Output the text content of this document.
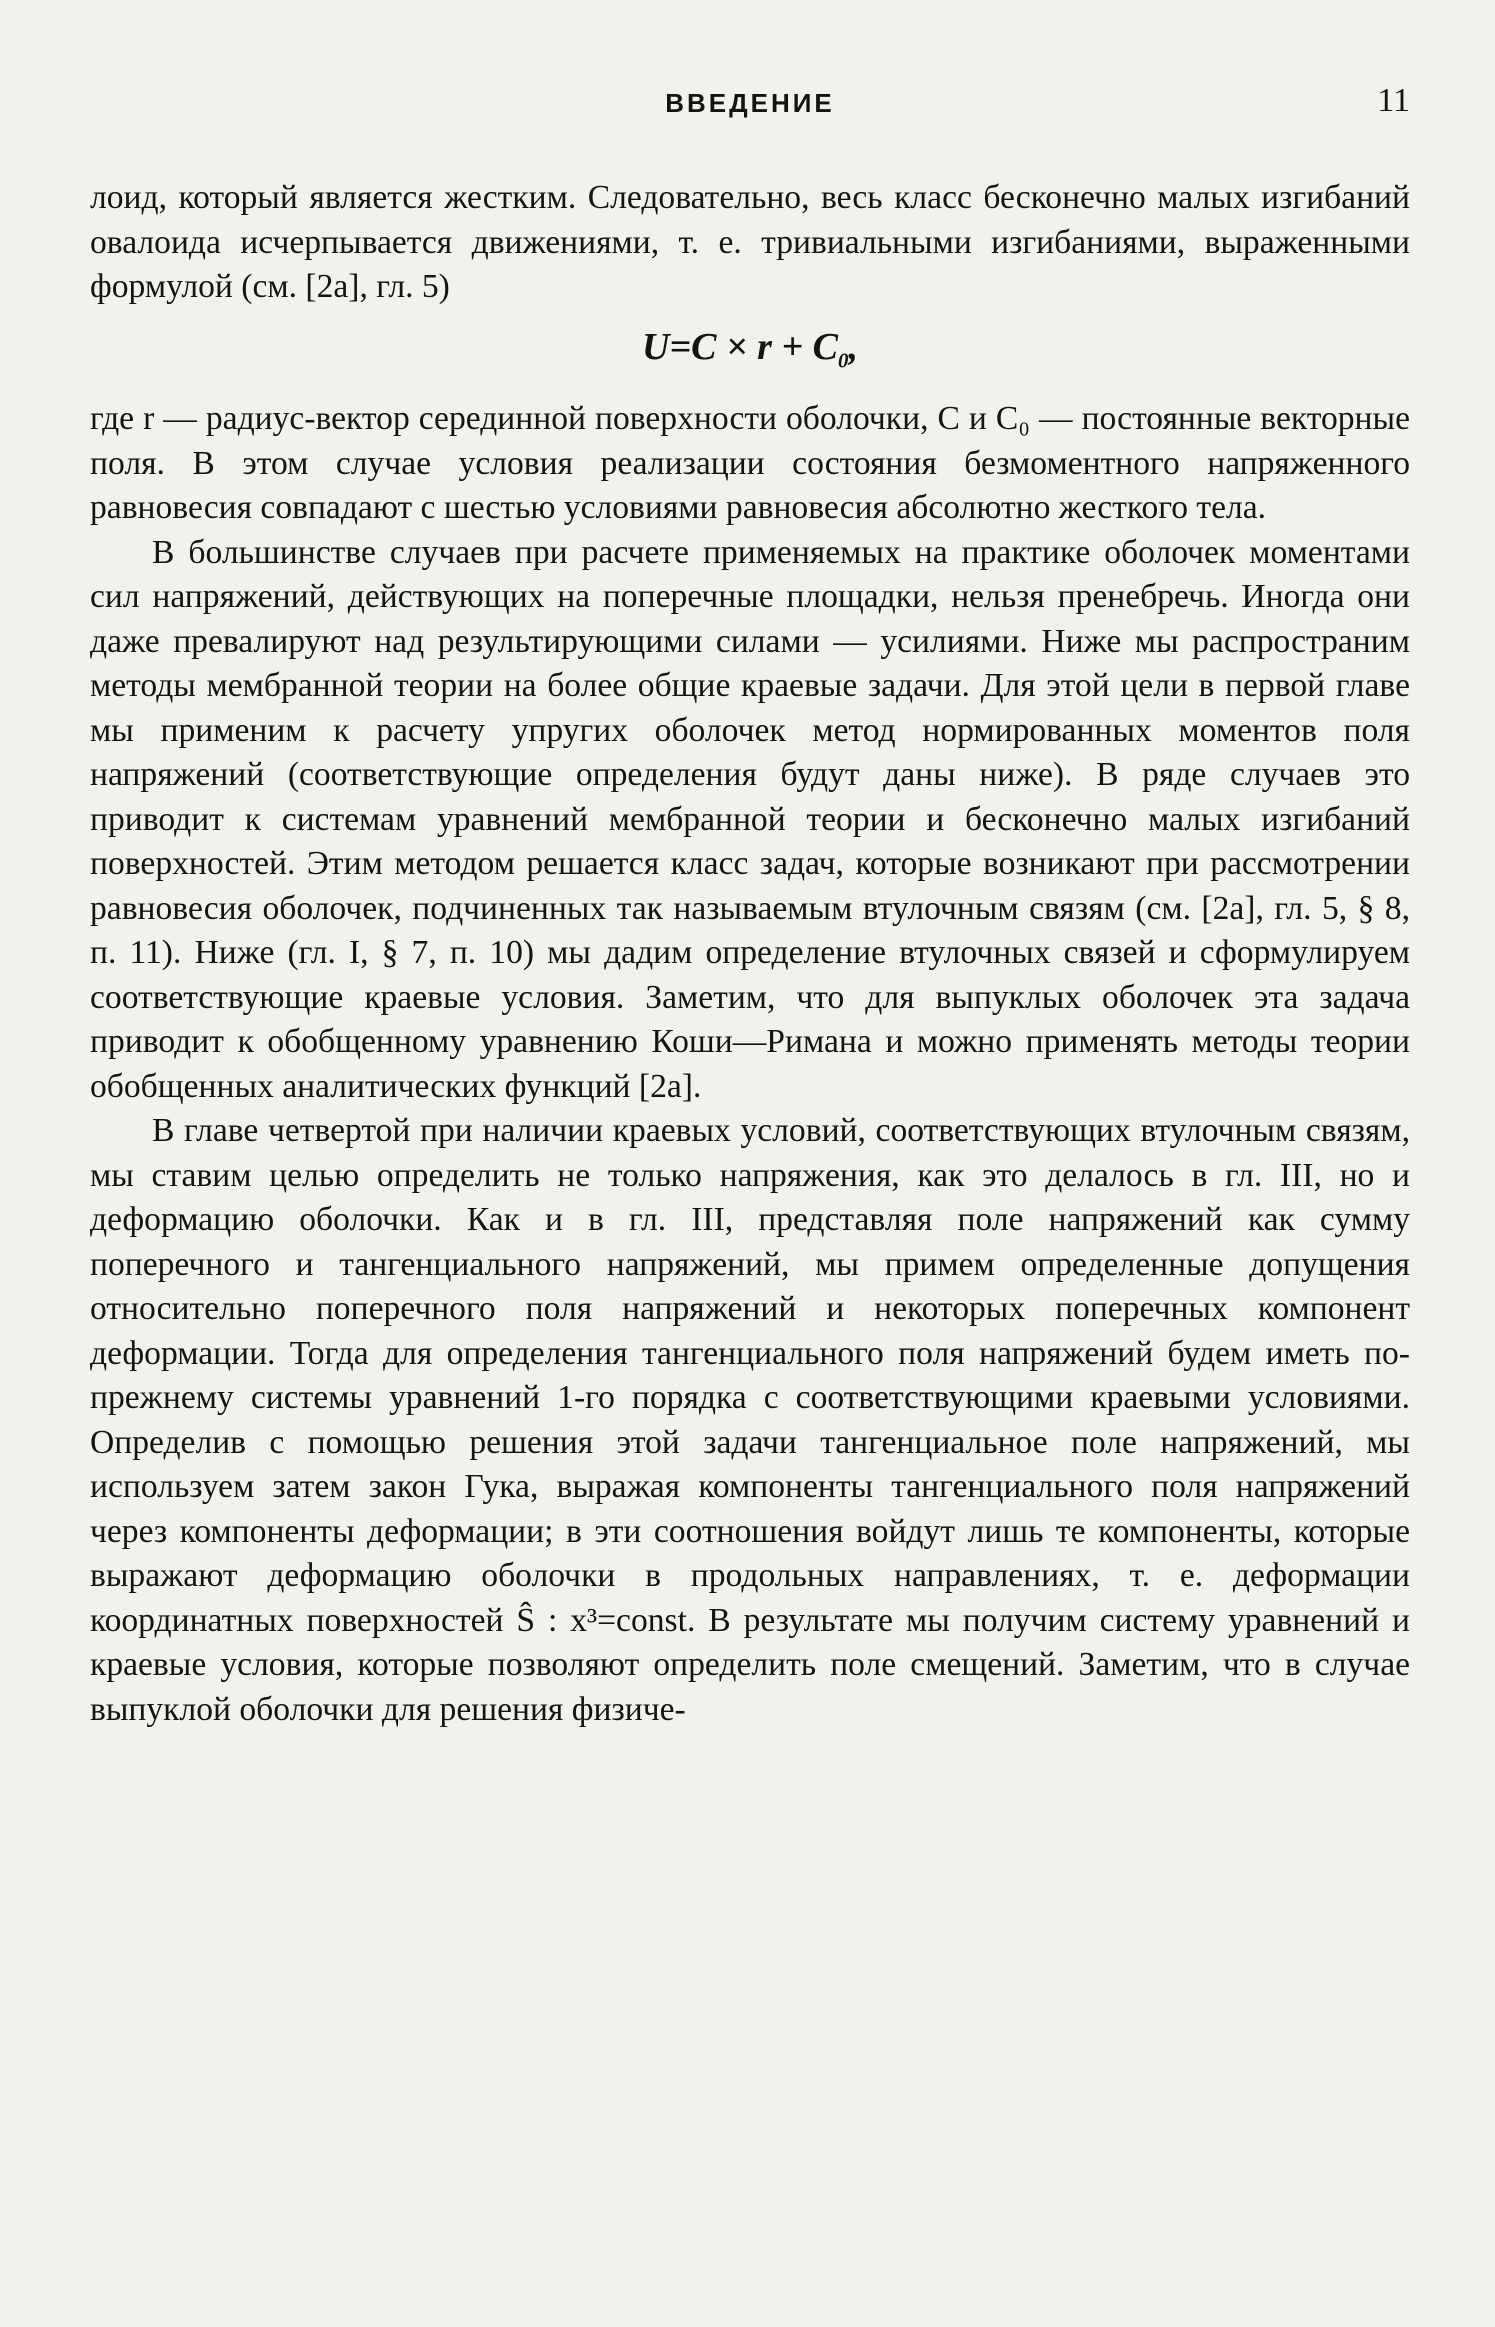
ВВЕДЕНИЕ	11

лоид, который является жестким. Следовательно, весь класс бесконечно малых изгибаний овалоида исчерпывается движениями, т. е. тривиальными изгибаниями, выраженными формулой (см. [2а], гл. 5)

$U=C \times r + C_0$,

где r — радиус-вектор серединной поверхности оболочки, C и C₀ — постоянные векторные поля. В этом случае условия реализации состояния безмоментного напряженного равновесия совпадают с шестью условиями равновесия абсолютно жесткого тела.

В большинстве случаев при расчете применяемых на практике оболочек моментами сил напряжений, действующих на поперечные площадки, нельзя пренебречь. Иногда они даже превалируют над результирующими силами — усилиями. Ниже мы распространим методы мембранной теории на более общие краевые задачи. Для этой цели в первой главе мы применим к расчету упругих оболочек метод нормированных моментов поля напряжений (соответствующие определения будут даны ниже). В ряде случаев это приводит к системам уравнений мембранной теории и бесконечно малых изгибаний поверхностей. Этим методом решается класс задач, которые возникают при рассмотрении равновесия оболочек, подчиненных так называемым втулочным связям (см. [2а], гл. 5, § 8, п. 11). Ниже (гл. I, § 7, п. 10) мы дадим определение втулочных связей и сформулируем соответствующие краевые условия. Заметим, что для выпуклых оболочек эта задача приводит к обобщенному уравнению Коши—Римана и можно применять методы теории обобщенных аналитических функций [2а].

В главе четвертой при наличии краевых условий, соответствующих втулочным связям, мы ставим целью определить не только напряжения, как это делалось в гл. III, но и деформацию оболочки. Как и в гл. III, представляя поле напряжений как сумму поперечного и тангенциального напряжений, мы примем определенные допущения относительно поперечного поля напряжений и некоторых поперечных компонент деформации. Тогда для определения тангенциального поля напряжений будем иметь по-прежнему системы уравнений 1-го порядка с соответствующими краевыми условиями. Определив с помощью решения этой задачи тангенциальное поле напряжений, мы используем затем закон Гука, выражая компоненты тангенциального поля напряжений через компоненты деформации; в эти соотношения войдут лишь те компоненты, которые выражают деформацию оболочки в продольных направлениях, т. е. деформации координатных поверхностей Ŝ : x³=const. В результате мы получим систему уравнений и краевые условия, которые позволяют определить поле смещений. Заметим, что в случае выпуклой оболочки для решения физиче-
